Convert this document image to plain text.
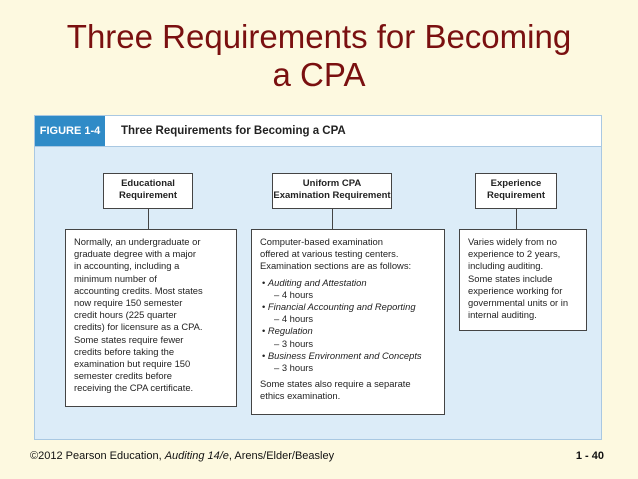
Three Requirements for Becoming
a CPA
FIGURE 1-4	Three Requirements for Becoming a CPA
Educational
Requirement
Normally, an undergraduate or
graduate degree with a major
in accounting, including a
minimum number of
accounting credits. Most states
now require 150 semester
credit hours (225 quarter
credits) for licensure as a CPA.
Some states require fewer
credits before taking the
examination but require 150
semester credits before
receiving the CPA certificate.
Uniform CPA
Examination Requirement
Computer-based examination
offered at various testing centers.
Examination sections are as follows:
• Auditing and Attestation
– 4 hours
• Financial Accounting and Reporting
– 4 hours
• Regulation
– 3 hours
• Business Environment and Concepts
– 3 hours
Some states also require a separate
ethics examination.
Experience
Requirement
Varies widely from no
experience to 2 years,
including auditing.
Some states include
experience working for
governmental units or in
internal auditing.
©2012 Pearson Education, Auditing 14/e, Arens/Elder/Beasley	1 - 40
